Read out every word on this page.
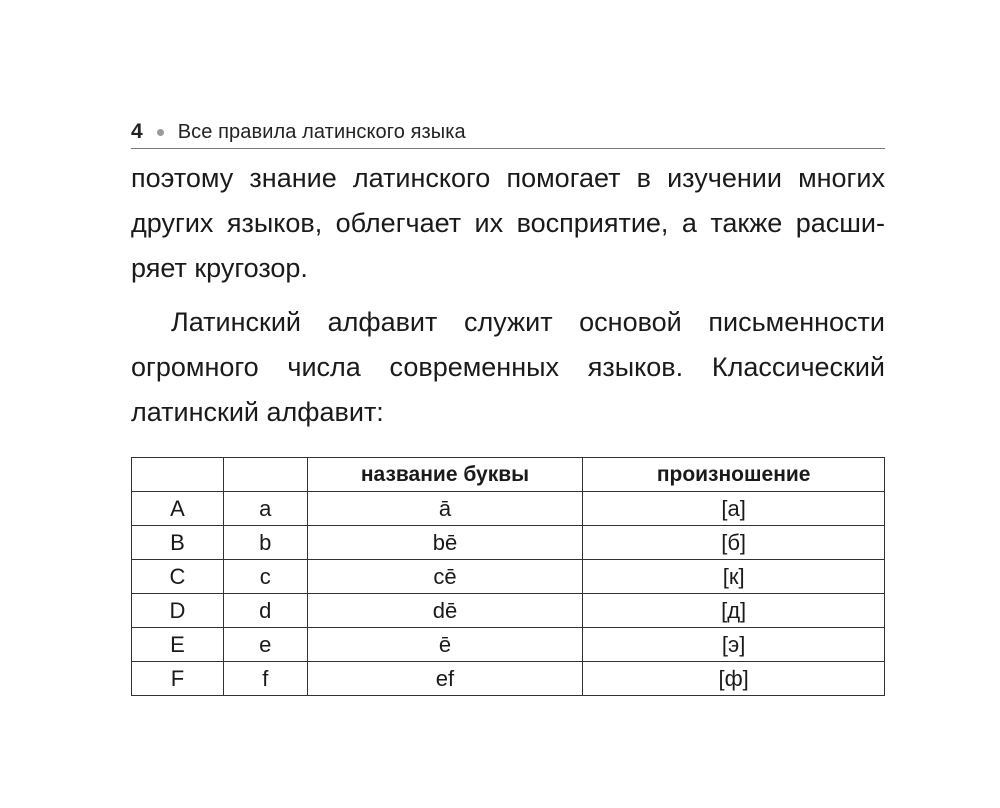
4 Все правила латинского языка

поэтому знание латинского помогает в изучении многих
других языков, облегчает их восприятие, а также расши-
ряет кругозор.

Латинский алфавит служит основой письменности
огромного числа современных языков. Классический
латинский алфавит:

		название буквы	произношение
A	a	ā	[а]
B	b	bē	[б]
C	c	cē	[к]
D	d	dē	[д]
E	e	ē	[э]
F	f	ef	[ф]
